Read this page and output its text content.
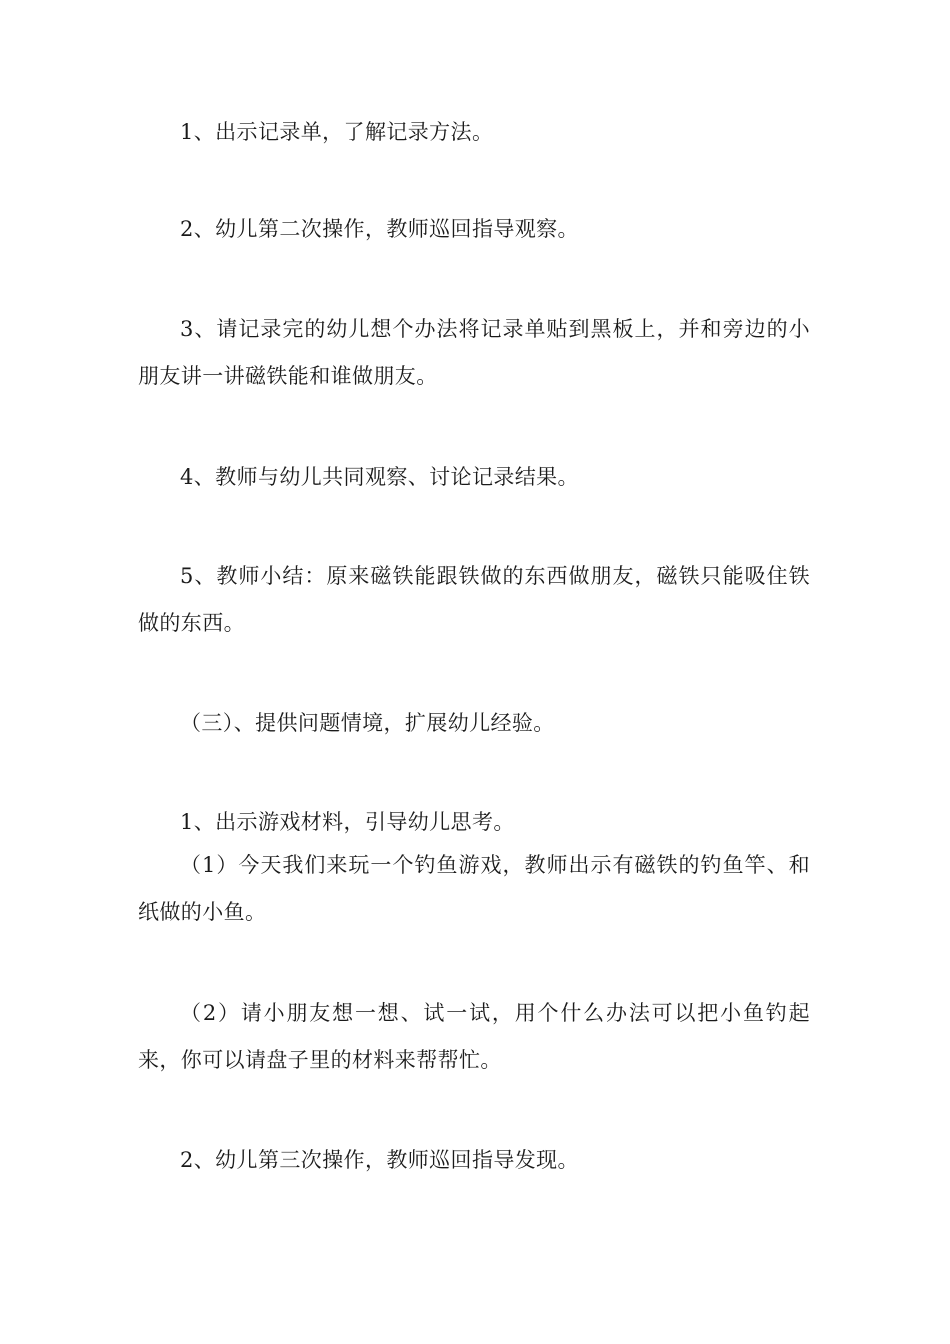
1、出示记录单，了解记录方法。

2、幼儿第二次操作，教师巡回指导观察。

3、请记录完的幼儿想个办法将记录单贴到黑板上，并和旁边的小朋友讲一讲磁铁能和谁做朋友。

4、教师与幼儿共同观察、讨论记录结果。

5、教师小结：原来磁铁能跟铁做的东西做朋友，磁铁只能吸住铁做的东西。

（三）、提供问题情境，扩展幼儿经验。

1、出示游戏材料，引导幼儿思考。

（1）今天我们来玩一个钓鱼游戏，教师出示有磁铁的钓鱼竿、和纸做的小鱼。

（2）请小朋友想一想、试一试，用个什么办法可以把小鱼钓起来，你可以请盘子里的材料来帮帮忙。

2、幼儿第三次操作，教师巡回指导发现。
